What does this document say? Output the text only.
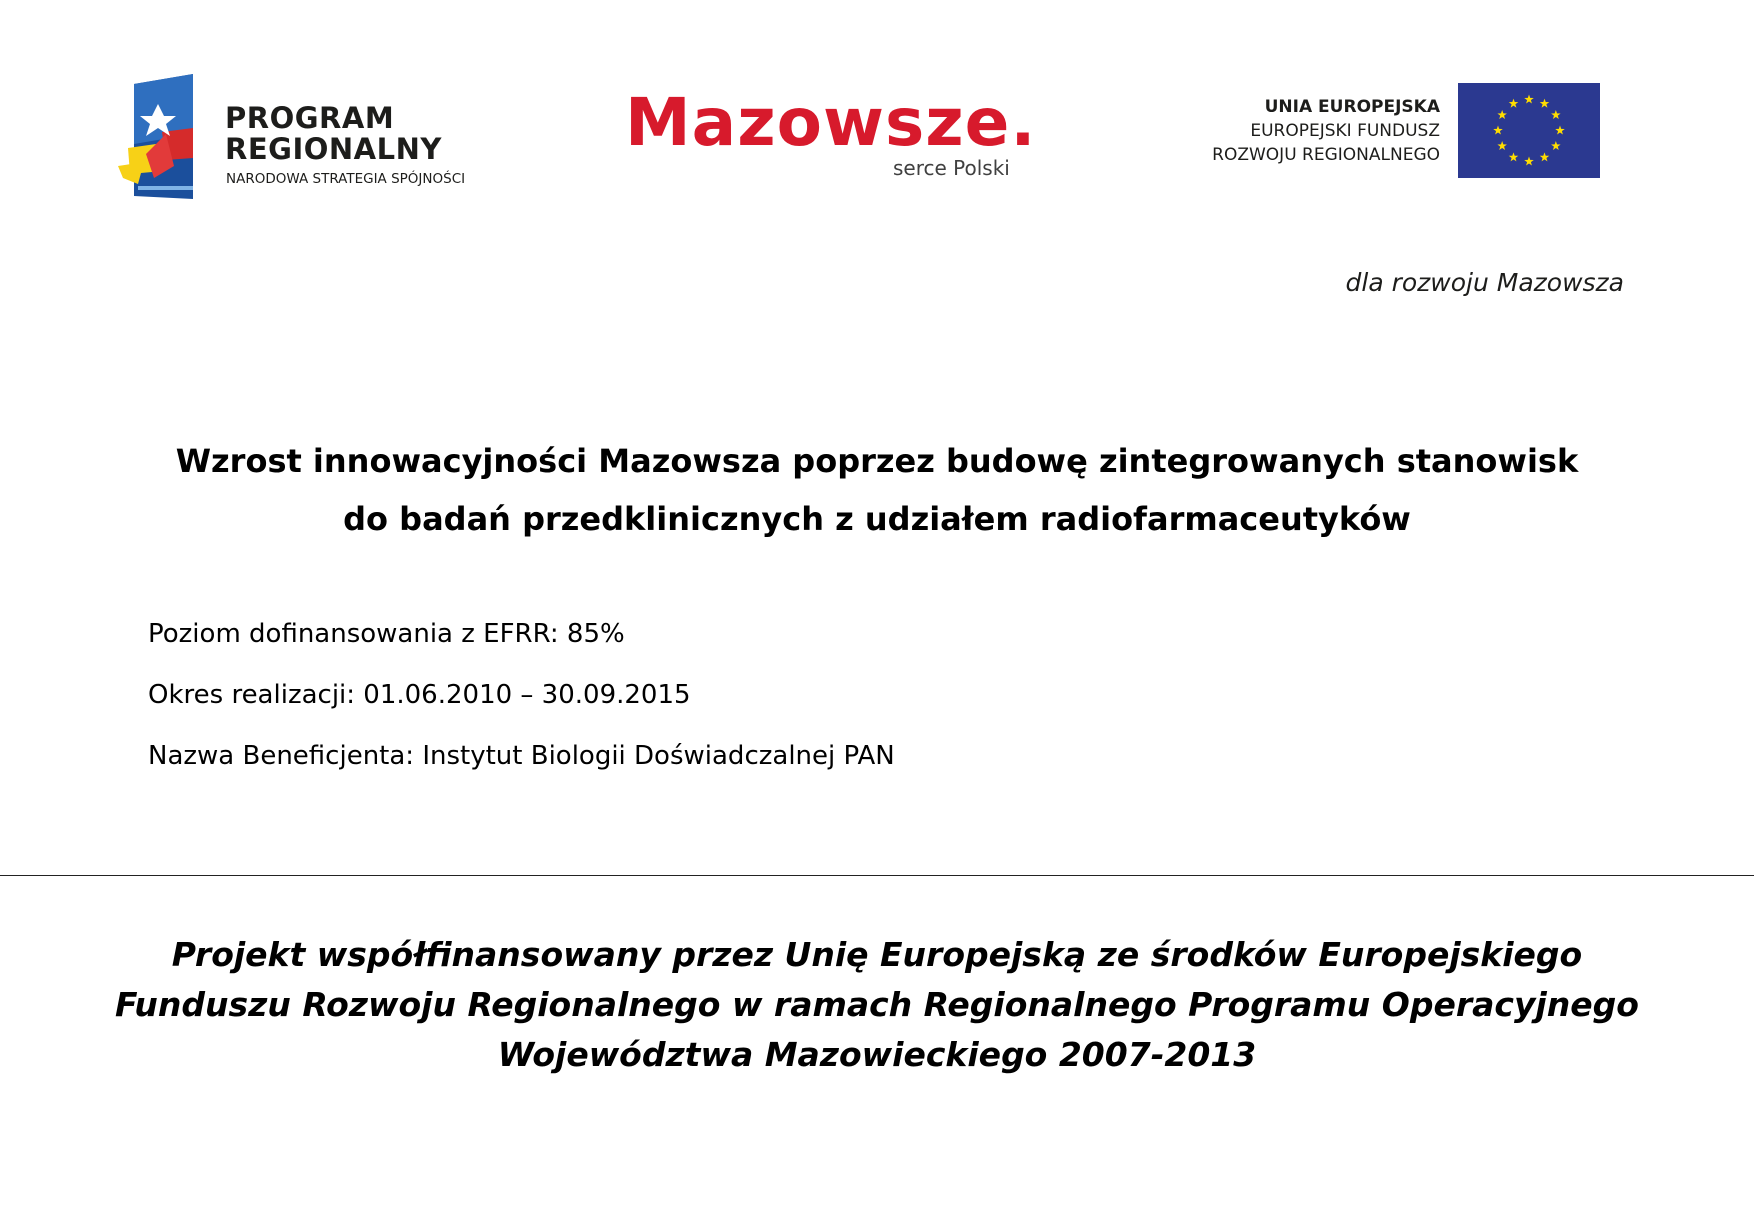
PROGRAM
REGIONALNY
NARODOWA STRATEGIA SPÓJNOŚCI
Mazowsze.
serce Polski
UNIA EUROPEJSKA
EUROPEJSKI FUNDUSZ
ROZWOJU REGIONALNEGO
dla rozwoju Mazowsza
Wzrost innowacyjności Mazowsza poprzez budowę zintegrowanych stanowisk
do badań przedklinicznych z udziałem radiofarmaceutyków
Poziom dofinansowania z EFRR: 85%
Okres realizacji: 01.06.2010 – 30.09.2015
Nazwa Beneficjenta: Instytut Biologii Doświadczalnej PAN
Projekt współfinansowany przez Unię Europejską ze środków Europejskiego
Funduszu Rozwoju Regionalnego w ramach Regionalnego Programu Operacyjnego
Województwa Mazowieckiego 2007-2013
